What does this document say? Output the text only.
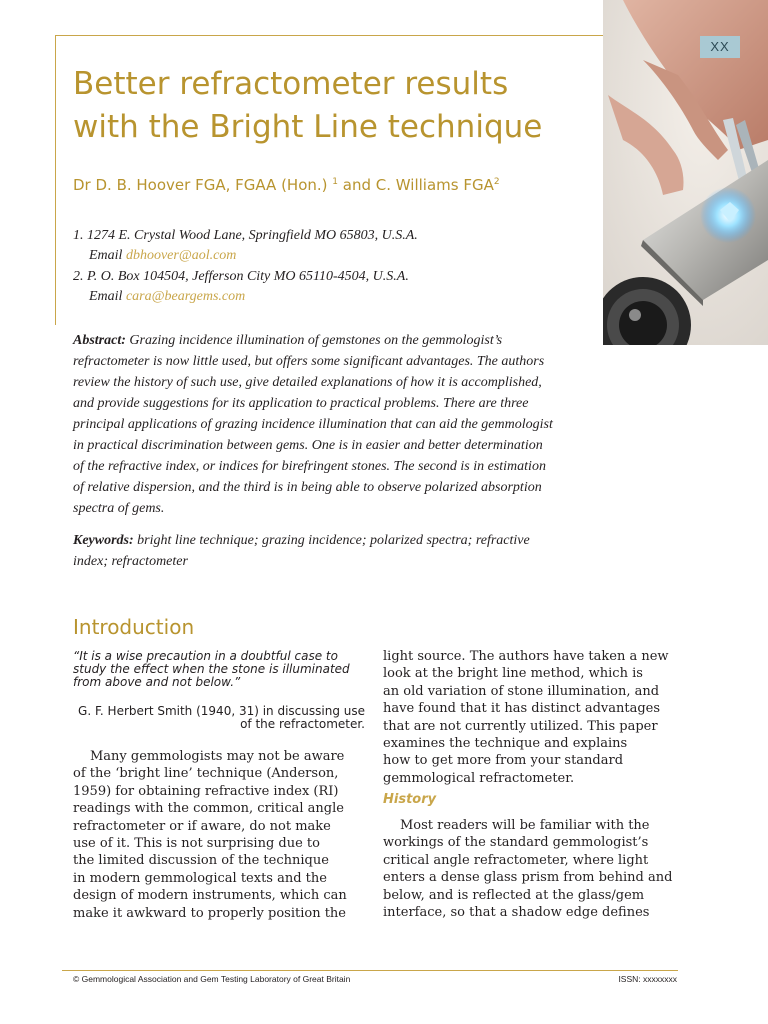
XX
Better refractometer results
with the Bright Line technique

Dr D. B. Hoover FGA, FGAA (Hon.) $^1$ and C. Williams FGA$^2$

1. 1274 E. Crystal Wood Lane, Springfield MO 65803, U.S.A.
Email dbhoover@aol.com
2. P. O. Box 104504, Jefferson City MO 65110-4504, U.S.A.
Email cara@beargems.com

Abstract: Grazing incidence illumination of gemstones on the gemmologist’s
refractometer is now little used, but offers some significant advantages. The authors
review the history of such use, give detailed explanations of how it is accomplished,
and provide suggestions for its application to practical problems. There are three
principal applications of grazing incidence illumination that can aid the gemmologist
in practical discrimination between gems. One is in easier and better determination
of the refractive index, or indices for birefringent stones. The second is in estimation
of relative dispersion, and the third is in being able to observe polarized absorption
spectra of gems.

Keywords: bright line technique; grazing incidence; polarized spectra; refractive
index; refractometer

Introduction

“It is a wise precaution in a doubtful case to
study the effect when the stone is illuminated
from above and not below.”

G. F. Herbert Smith (1940, 31) in discussing use
of the refractometer.

Many gemmologists may not be aware
of the ‘bright line’ technique (Anderson,
1959) for obtaining refractive index (RI)
readings with the common, critical angle
refractometer or if aware, do not make
use of it. This is not surprising due to
the limited discussion of the technique
in modern gemmological texts and the
design of modern instruments, which can
make it awkward to properly position the

light source. The authors have taken a new
look at the bright line method, which is
an old variation of stone illumination, and
have found that it has distinct advantages
that are not currently utilized. This paper
examines the technique and explains
how to get more from your standard
gemmological refractometer.

History

Most readers will be familiar with the
workings of the standard gemmologist’s
critical angle refractometer, where light
enters a dense glass prism from behind and
below, and is reflected at the glass/gem
interface, so that a shadow edge defines

© Gemmological Association and Gem Testing Laboratory of Great Britain	ISSN: xxxxxxxx
